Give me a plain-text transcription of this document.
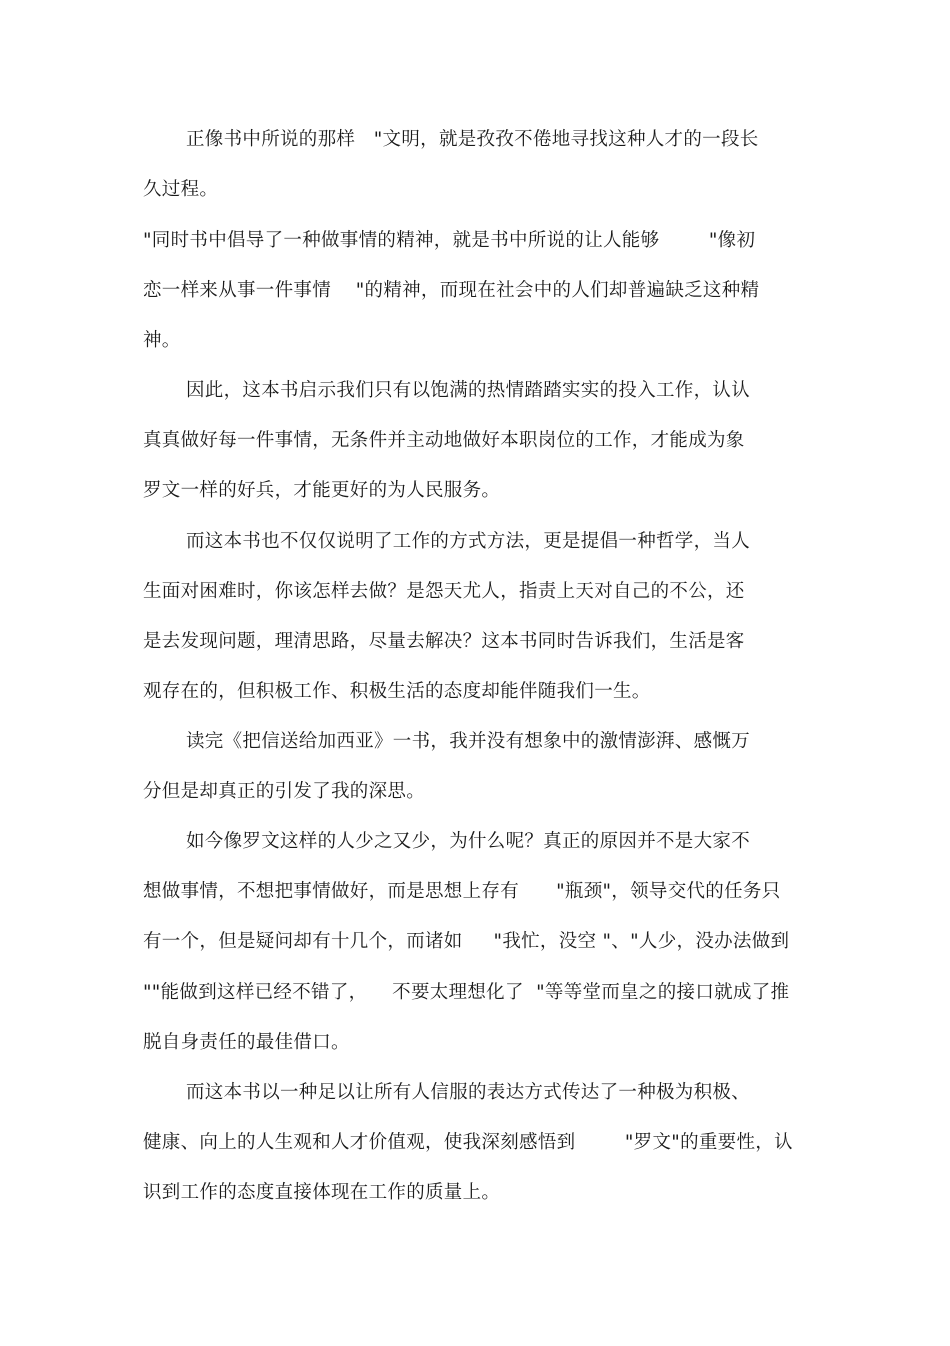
正像书中所说的那样   "文明，就是孜孜不倦地寻找这种人才的一段长
久过程。
"同时书中倡导了一种做事情的精神，就是书中所说的让人能够        "像初
恋一样来从事一件事情    "的精神，而现在社会中的人们却普遍缺乏这种精
神。
因此，这本书启示我们只有以饱满的热情踏踏实实的投入工作，认认
真真做好每一件事情，无条件并主动地做好本职岗位的工作，才能成为象
罗文一样的好兵，才能更好的为人民服务。
而这本书也不仅仅说明了工作的方式方法，更是提倡一种哲学，当人
生面对困难时，你该怎样去做？是怨天尤人，指责上天对自己的不公，还
是去发现问题，理清思路，尽量去解决？这本书同时告诉我们，生活是客
观存在的，但积极工作、积极生活的态度却能伴随我们一生。
读完《把信送给加西亚》一书，我并没有想象中的激情澎湃、感慨万
分但是却真正的引发了我的深思。
如今像罗文这样的人少之又少，为什么呢？真正的原因并不是大家不
想做事情，不想把事情做好，而是思想上存有      "瓶颈"，领导交代的任务只
有一个，但是疑问却有十几个，而诸如     "我忙，没空 "、"人少，没办法做到
""能做到这样已经不错了，    不要太理想化了  "等等堂而皇之的接口就成了推
脱自身责任的最佳借口。
而这本书以一种足以让所有人信服的表达方式传达了一种极为积极、
健康、向上的人生观和人才价值观，使我深刻感悟到        "罗文"的重要性，认
识到工作的态度直接体现在工作的质量上。
